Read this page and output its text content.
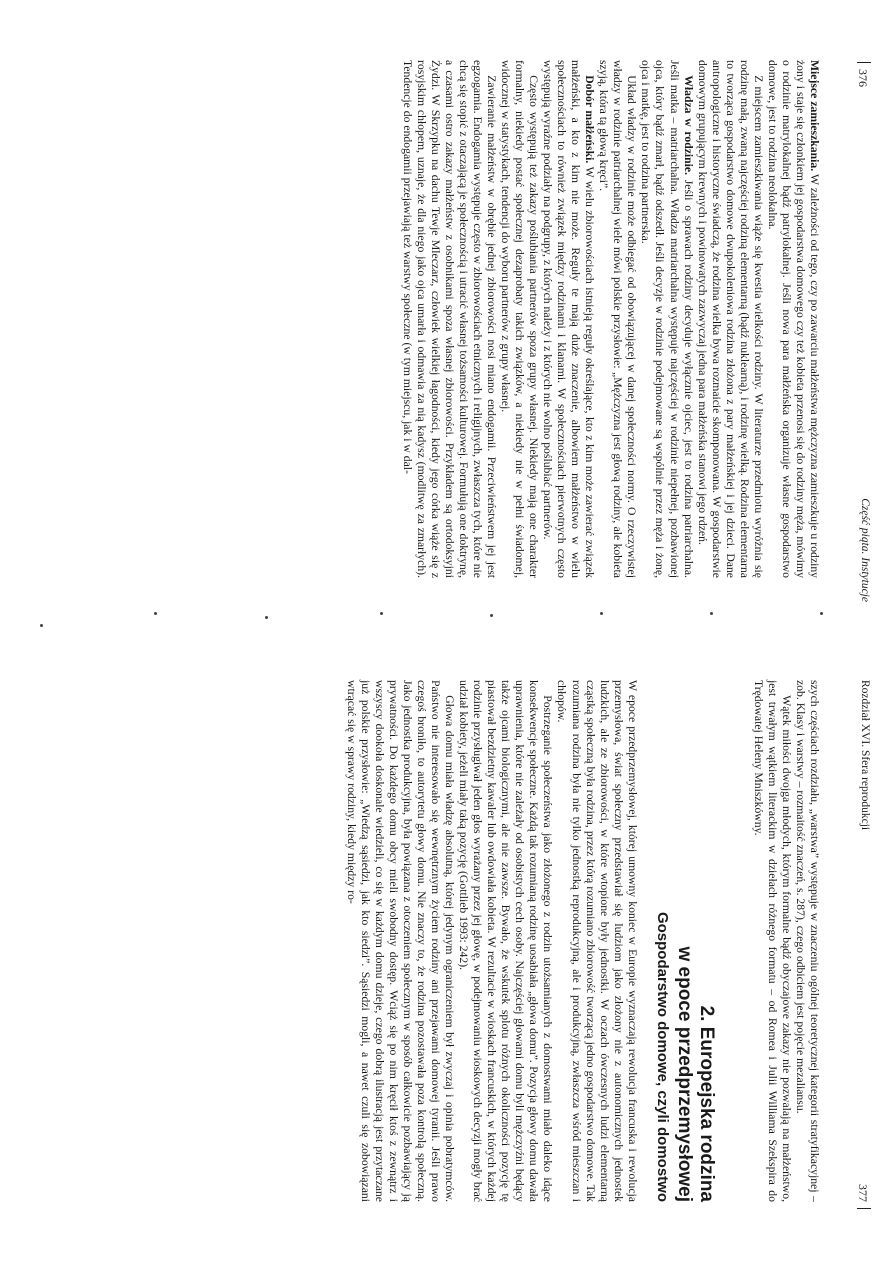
376
Część piąta. Instytucje

Miejsce zamieszkania. W zależności od tego, czy po zawarciu małżeństwa mężczyzna zamieszkuje u rodziny żony i staje się członkiem jej gospodarstwa domowego czy też kobieta przenosi się do rodziny męża, mówimy o rodzinie matrylokalnej bądź patrylokalnej. Jeśli nowa para małżeńska organizuje własne gospodarstwo domowe, jest to rodzina neolokalna.

Z miejscem zamieszkiwania wiąże się kwestia wielkości rodziny. W literaturze przedmiotu wyróżnia się rodzinę małą, zwaną najczęściej rodziną elementarną (bądź nuklearną), i rodzinę wielką. Rodzina elementarna to tworząca gospodarstwo domowe dwupokoleniowa rodzina złożona z pary małżeńskiej i jej dzieci. Dane antropologiczne i historyczne świadczą, że rodzina wielka bywa rozmaicie skomponowana. W gospodarstwie domowym grupującym krewnych i powinowatych zazwyczaj jedna para małżeńska stanowi jego rdzeń.

Władza w rodzinie. Jeśli o sprawach rodziny decyduje wyłącznie ojciec, jest to rodzina patriarchalna. Jeśli matka – matriarchalna. Władza matriarchalna występuje najczęściej w rodzinie niepełnej, pozbawionej ojca, który bądź zmarł, bądź odszedł. Jeśli decyzje w rodzinie podejmowane są wspólnie przez męża i żonę, ojca i matkę, jest to rodzina partnerska.

Układ władzy w rodzinie może odbiegać od obowiązującej w danej społeczności normy. O rzeczywistej władzy w rodzinie patriarchalnej wiele mówi polskie przysłowie: „Mężczyzna jest głową rodziny, ale kobieta szyją, która tą głową kręci”.

Dobór małżeński. W wielu zbiorowościach istnieją reguły określające, kto z kim może zawierać związek małżeński, a kto z kim nie może. Reguły te mają duże znaczenie, albowiem małżeństwo w wielu społecznościach to również związek między rodzinami i klanami. W społecznościach pierwotnych często występują wyraźne podziały na podgrupy, z których należy i z których nie wolno poślubiać partnerów.

Często występują też zakazy poślubiania partnerów spoza grupy własnej. Niekiedy mają one charakter formalny, niekiedy postać społecznej dezaprobaty takich związków, a niekiedy nie w pełni świadomej, widocznej w statystykach, tendencji do wyboru partnerów z grupy własnej.

Zawieranie małżeństw w obrębie jednej zbiorowości nosi miano endogamii. Przeciwieństwem jej jest egzogamia. Endogamia występuje często w zbiorowościach etnicznych i religijnych, zwłaszcza tych, które nie chcą się stopić z otaczającą je społecznością i utracić własnej tożsamości kulturowej. Formułują one doktrynę, a czasami ostro zakazy małżeństw z osobnikami spoza własnej zbiorowości. Przykładem są ortodoksyjni Żydzi. W Skrzypku na dachu Tewje Mleczarz, człowiek wielkiej łagodności, kiedy jego córka wiąże się z rosyjskim chłopem, uznaje, że dla niego jako ojca umarła i odmawia za nią kadysz (modlitwę za zmarłych). Tendencje do endogamii przejawiają też warstwy społeczne (w tym miejscu, jak i w dal-

Rozdział XVI. Sfera reprodukcji
377

szych częściach rozdziału, „warstwa” występuje w znaczeniu ogólnej teoretycznej kategorii stratyfikacyjnej – zob. Klasy i warstwy – rozmaitość znaczeń, s. 287), czego odbiciem jest pojęcie mezaliansu.

Wątek miłości dwojga młodych, którym formalne bądź obyczajowe zakazy nie pozwalają na małżeństwo, jest trwałym wątkiem literackim w dziełach różnego formatu – od Romea i Julii Williama Szekspira do Trędowatej Heleny Mniszkówny.

2. Europejska rodzina
w epoce przedprzemysłowej
Gospodarstwo domowe, czyli domostwo

W epoce przedprzemysłowej, której umowny koniec w Europie wyznaczają rewolucja francuska i rewolucja przemysłowa, świat społeczny przedstawiał się ludziom jako złożony nie z autonomicznych jednostek ludzkich, ale ze zbiorowości, w które wtopione były jednostki. W oczach ówczesnych ludzi elementarną cząstką społeczną była rodzina, przez którą rozumiano zbiorowość tworzącą jedno gospodarstwo domowe. Tak rozumiana rodzina była nie tylko jednostką reprodukcyjną, ale i produkcyjną, zwłaszcza wśród mieszczan i chłopów.

Postrzeganie społeczeństwa jako złożonego z rodzin utożsamianych z domostwami miało daleko idące konsekwencje społeczne. Każdą tak rozumianą rodzinę uosabiała „głowa domu”. Pozycja głowy domu dawała uprawnienia, które nie zależały od osobistych cech osoby. Najczęściej głowami domu byli mężczyźni będący także ojcami biologicznymi, ale nie zawsze. Bywało, że wskutek splotu różnych okoliczności pozycję tę piastował bezdzietny kawaler lub owdowiała kobieta. W rezultacie w wioskach francuskich, w których każdej rodzinie przysługiwał jeden głos wyrażany przez jej głowę, w podejmowaniu wioskowych decyzji mogły brać udział kobiety, jeżeli miały taką pozycję (Gottlieb 1993: 242).

Głowa domu miała władzę absolutną, której jedynym ograniczeniem był zwyczaj i opinia pobratymców. Państwo nie interesowało się wewnętrznym życiem rodziny ani przejawami domowej tyranii. Jeśli prawo czegoś broniło, to autorytetu głowy domu. Nie znaczy to, że rodzina pozostawała poza kontrolą społeczną. Jako jednostka produkcyjna, była powiązana z otoczeniem społecznym w sposób całkowicie pozbawiający ją prywatności. Do każdego domu obcy mieli swobodny dostęp. Wciąż się po nim kręcił ktoś z zewnątrz i wszyscy dookoła doskonale wiedzieli, co się w każdym domu dzieje, czego dobrą ilustracją jest przytaczane już polskie przysłowie: „Wiedzą sąsiedzi, jak kto siedzi”. Sąsiedzi mogli, a nawet czuli się zobowiązani wtrącać się w sprawy rodziny, kiedy między ro-
